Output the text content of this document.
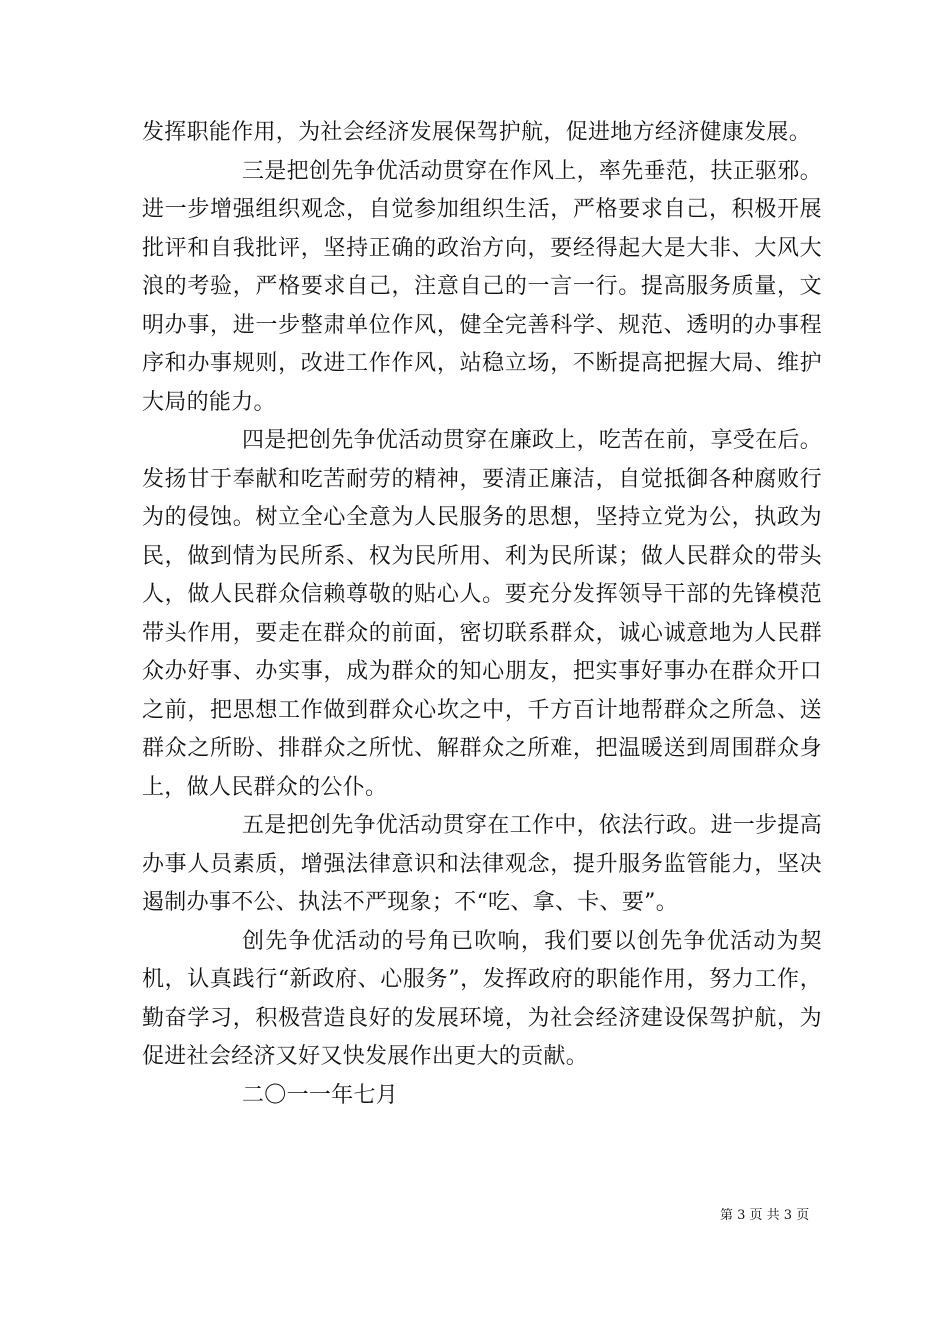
发挥职能作用，为社会经济发展保驾护航，促进地方经济健康发展。

三是把创先争优活动贯穿在作风上，率先垂范，扶正驱邪。进一步增强组织观念，自觉参加组织生活，严格要求自己，积极开展批评和自我批评，坚持正确的政治方向，要经得起大是大非、大风大浪的考验，严格要求自己，注意自己的一言一行。提高服务质量，文明办事，进一步整肃单位作风，健全完善科学、规范、透明的办事程序和办事规则，改进工作作风，站稳立场，不断提高把握大局、维护大局的能力。

四是把创先争优活动贯穿在廉政上，吃苦在前，享受在后。发扬甘于奉献和吃苦耐劳的精神，要清正廉洁，自觉抵御各种腐败行为的侵蚀。树立全心全意为人民服务的思想，坚持立党为公，执政为民，做到情为民所系、权为民所用、利为民所谋；做人民群众的带头人，做人民群众信赖尊敬的贴心人。要充分发挥领导干部的先锋模范带头作用，要走在群众的前面，密切联系群众，诚心诚意地为人民群众办好事、办实事，成为群众的知心朋友，把实事好事办在群众开口之前，把思想工作做到群众心坎之中，千方百计地帮群众之所急、送群众之所盼、排群众之所忧、解群众之所难，把温暖送到周围群众身上，做人民群众的公仆。

五是把创先争优活动贯穿在工作中，依法行政。进一步提高办事人员素质，增强法律意识和法律观念，提升服务监管能力，坚决遏制办事不公、执法不严现象；不“吃、拿、卡、要”。

创先争优活动的号角已吹响，我们要以创先争优活动为契机，认真践行“新政府、心服务”，发挥政府的职能作用，努力工作，勤奋学习，积极营造良好的发展环境，为社会经济建设保驾护航，为促进社会经济又好又快发展作出更大的贡献。

二〇一一年七月

第 3 页 共 3 页
